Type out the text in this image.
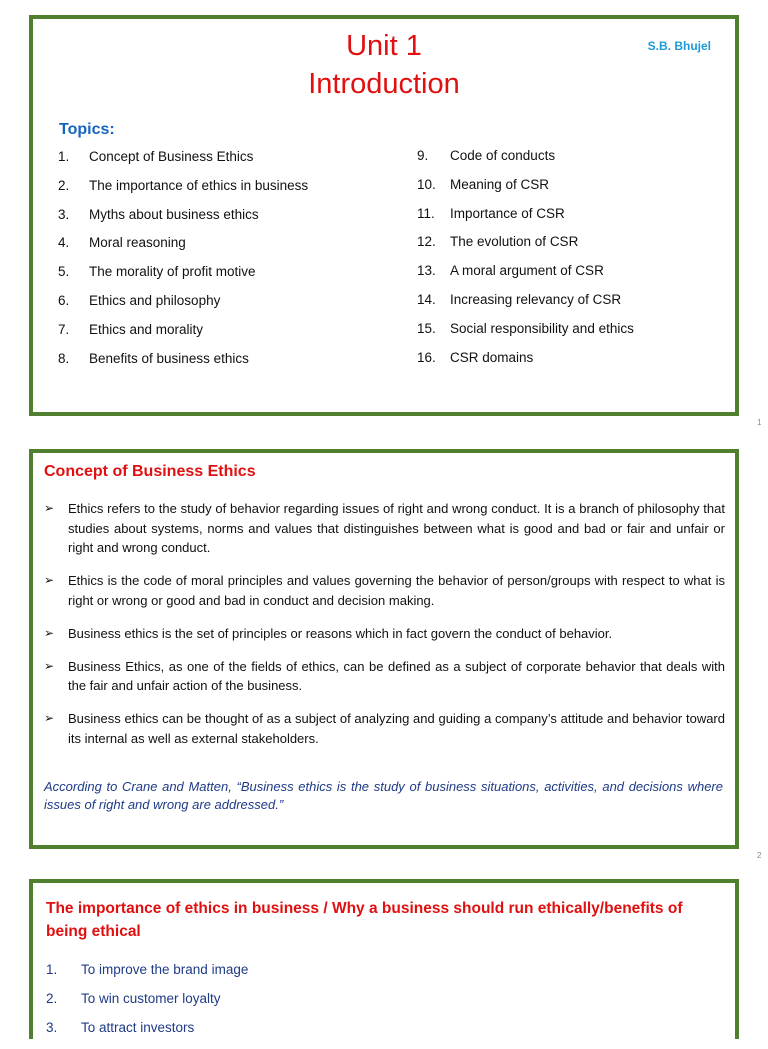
Unit 1
Introduction
S.B. Bhujel
Topics:
1.	Concept of Business Ethics
2.	The importance of ethics in business
3.	Myths about business ethics
4.	Moral reasoning
5.	The morality of profit motive
6.	Ethics and philosophy
7.	Ethics and morality
8.	Benefits of business ethics
9.	Code of conducts
10.	Meaning of CSR
11.	Importance of CSR
12.	The evolution of CSR
13.	A moral argument of CSR
14.	Increasing relevancy of CSR
15.	Social responsibility and ethics
16.	CSR domains
1
Concept of Business Ethics
➢	Ethics refers to the study of behavior regarding issues of right and wrong conduct. It is a branch of philosophy that studies about systems, norms and values that distinguishes between what is good and bad or fair and unfair or right and wrong conduct.
➢	Ethics is the code of moral principles and values governing the behavior of person/groups with respect to what is right or wrong or good and bad in conduct and decision making.
➢	Business ethics is the set of principles or reasons which in fact govern the conduct of behavior.
➢	Business Ethics, as one of the fields of ethics, can be defined as a subject of corporate behavior that deals with the fair and unfair action of the business.
➢	Business ethics can be thought of as a subject of analyzing and guiding a company’s attitude and behavior toward its internal as well as external stakeholders.
According to Crane and Matten, “Business ethics is the study of business situations, activities, and decisions where issues of right and wrong are addressed.”
2
The importance of ethics in business / Why a business should run ethically/benefits of being ethical
1.	To improve the brand image
2.	To win customer loyalty
3.	To attract investors
